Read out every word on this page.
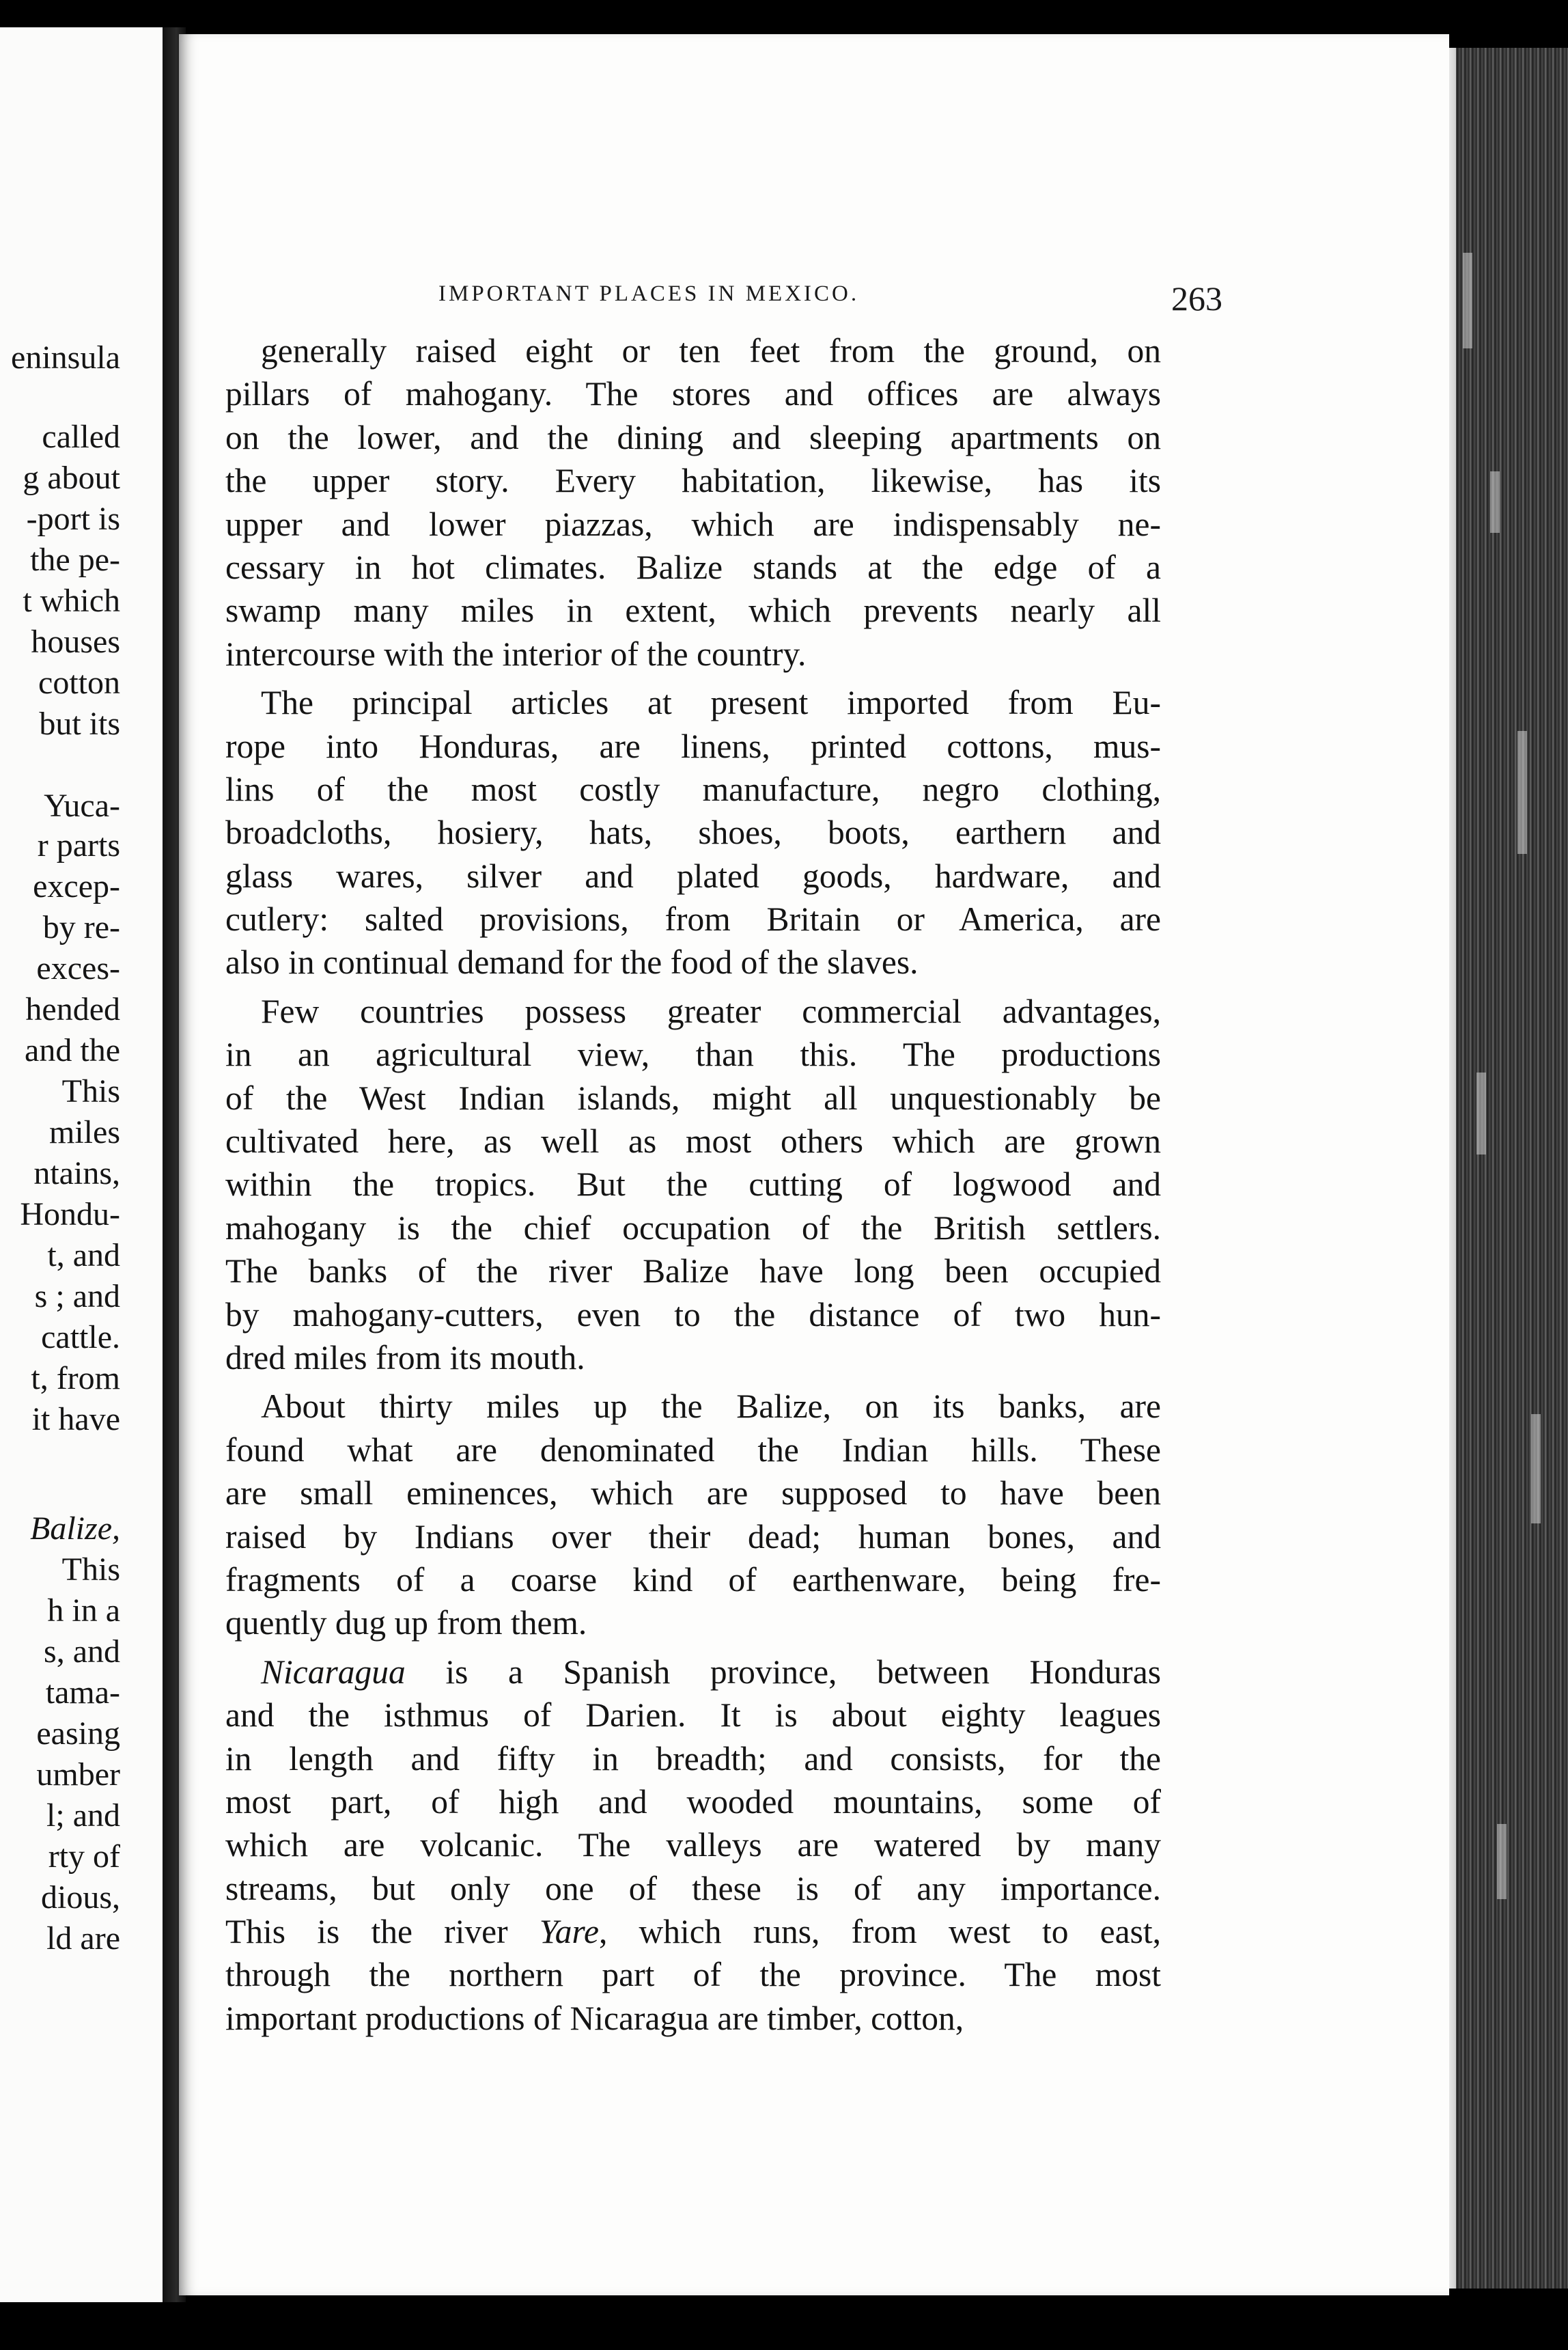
eninsula
called
g about
-port is
the pe-
t which
houses
cotton
but its
Yuca-
r parts
excep-
by re-
exces-
hended
and the
This
miles
ntains,
Hondu-
t, and
s ; and
cattle.
t, from
it have
Balize,
This
h in a
s, and
tama-
easing
umber
l; and
rty of
dious,
ld are
IMPORTANT PLACES IN MEXICO.	263
generally raised eight or ten feet from the ground, on
pillars of mahogany. The stores and offices are always
on the lower, and the dining and sleeping apartments on
the upper story. Every habitation, likewise, has its
upper and lower piazzas, which are indispensably ne-
cessary in hot climates. Balize stands at the edge of a
swamp many miles in extent, which prevents nearly all
intercourse with the interior of the country.
The principal articles at present imported from Eu-
rope into Honduras, are linens, printed cottons, mus-
lins of the most costly manufacture, negro clothing,
broadcloths, hosiery, hats, shoes, boots, earthern and
glass wares, silver and plated goods, hardware, and
cutlery: salted provisions, from Britain or America, are
also in continual demand for the food of the slaves.
Few countries possess greater commercial advantages,
in an agricultural view, than this. The productions
of the West Indian islands, might all unquestionably be
cultivated here, as well as most others which are grown
within the tropics. But the cutting of logwood and
mahogany is the chief occupation of the British settlers.
The banks of the river Balize have long been occupied
by mahogany-cutters, even to the distance of two hun-
dred miles from its mouth.
About thirty miles up the Balize, on its banks, are
found what are denominated the Indian hills. These
are small eminences, which are supposed to have been
raised by Indians over their dead; human bones, and
fragments of a coarse kind of earthenware, being fre-
quently dug up from them.
Nicaragua is a Spanish province, between Honduras
and the isthmus of Darien. It is about eighty leagues
in length and fifty in breadth; and consists, for the
most part, of high and wooded mountains, some of
which are volcanic. The valleys are watered by many
streams, but only one of these is of any importance.
This is the river Yare, which runs, from west to east,
through the northern part of the province. The most
important productions of Nicaragua are timber, cotton,
